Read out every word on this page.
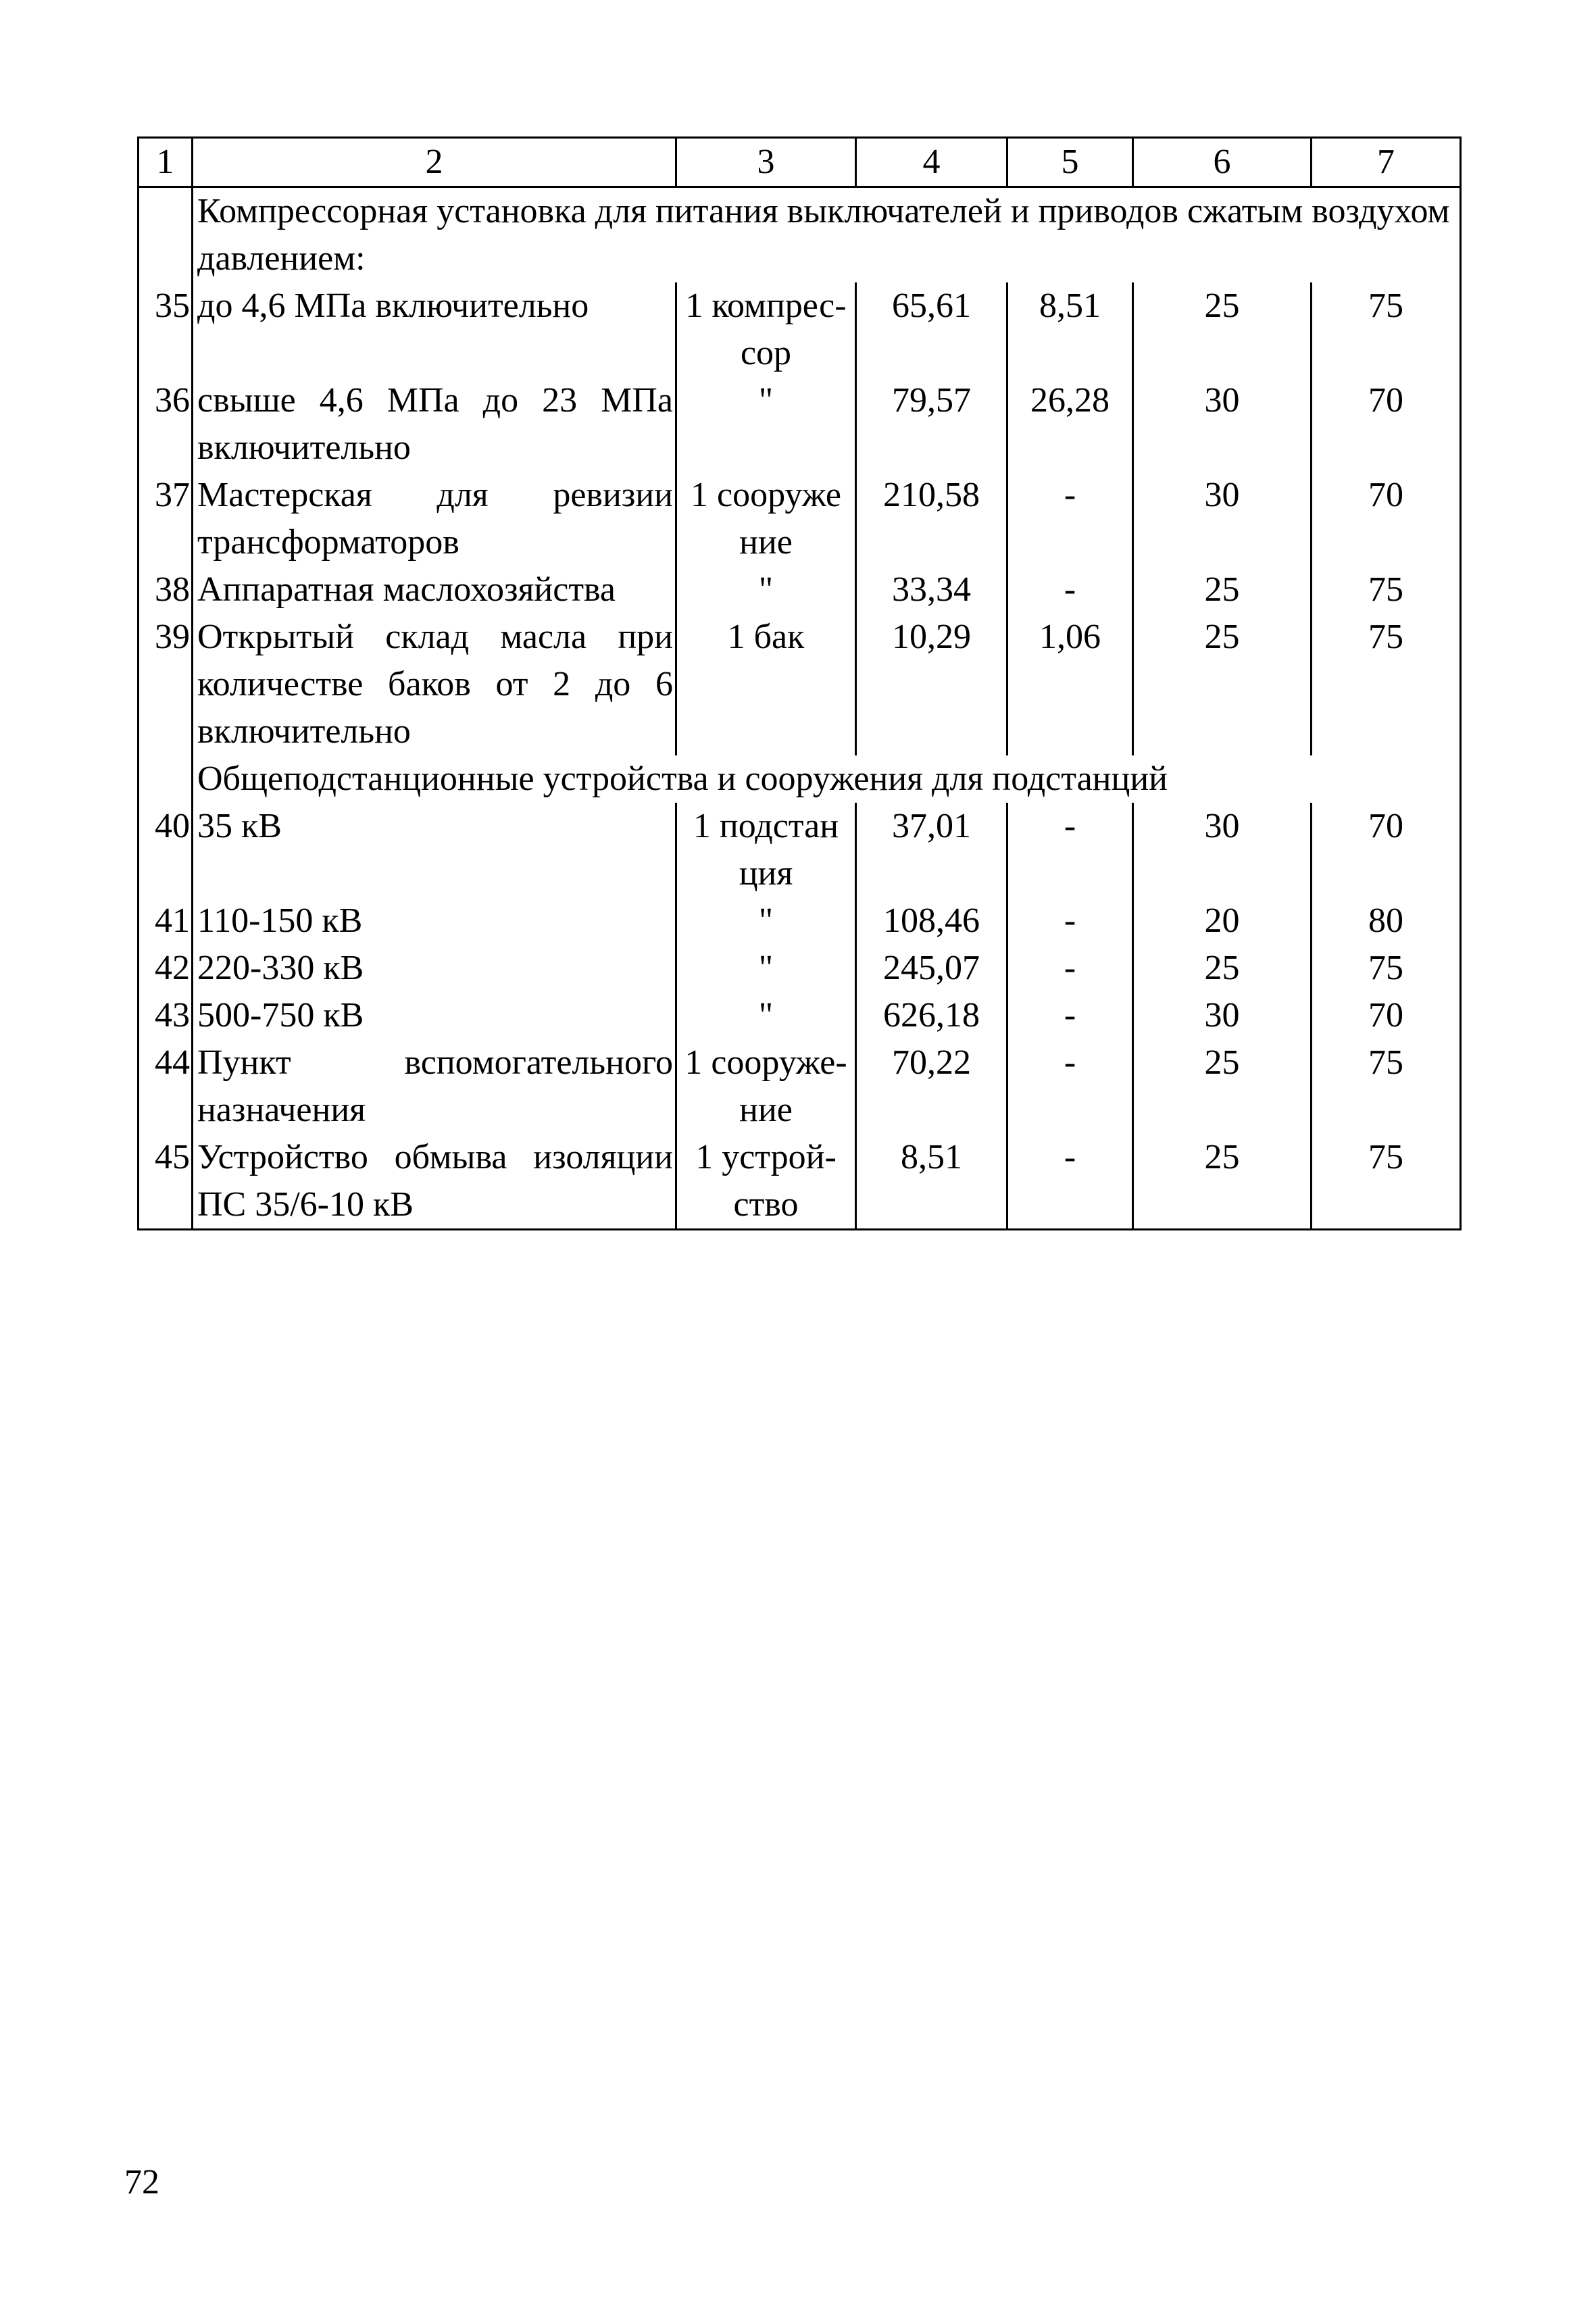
1	2	3	4	5	6	7
	Компрессорная установка для питания выключателей и приводов сжатым воздухом давлением:					
35	до 4,6 МПа включительно	1 компрес- сор	65,61	8,51	25	75
36	свыше 4,6 МПа до 23 МПа включительно	"	79,57	26,28	30	70
37	Мастерская для ревизии трансформаторов	1 сооруже ние	210,58	-	30	70
38	Аппаратная маслохозяйства	"	33,34	-	25	75
39	Открытый склад масла при количестве баков от 2 до 6 включительно	1 бак	10,29	1,06	25	75
	Общеподстанционные устройства и сооружения для подстанций					
40	35 кВ	1 подстан ция	37,01	-	30	70
41	110-150 кВ	"	108,46	-	20	80
42	220-330 кВ	"	245,07	-	25	75
43	500-750 кВ	"	626,18	-	30	70
44	Пункт вспомогательного назначения	1 сооруже- ние	70,22	-	25	75
45	Устройство обмыва изоляции ПС 35/6-10 кВ	1 устрой- ство	8,51	-	25	75
72
